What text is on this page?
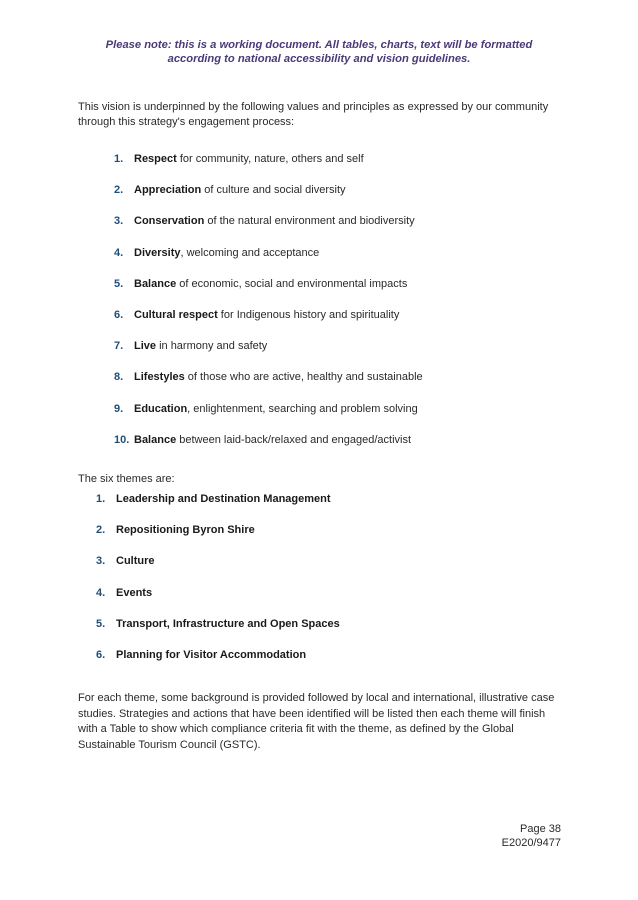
Please note: this is a working document. All tables, charts, text will be formatted
according to national accessibility and vision guidelines.

This vision is underpinned by the following values and principles as expressed by our community through this strategy's engagement process:

1. Respect for community, nature, others and self
2. Appreciation of culture and social diversity
3. Conservation of the natural environment and biodiversity
4. Diversity, welcoming and acceptance
5. Balance of economic, social and environmental impacts
6. Cultural respect for Indigenous history and spirituality
7. Live in harmony and safety
8. Lifestyles of those who are active, healthy and sustainable
9. Education, enlightenment, searching and problem solving
10. Balance between laid-back/relaxed and engaged/activist

The six themes are:

1. Leadership and Destination Management
2. Repositioning Byron Shire
3. Culture
4. Events
5. Transport, Infrastructure and Open Spaces
6. Planning for Visitor Accommodation

For each theme, some background is provided followed by local and international, illustrative case studies. Strategies and actions that have been identified will be listed then each theme will finish with a Table to show which compliance criteria fit with the theme, as defined by the Global Sustainable Tourism Council (GSTC).

Page 38
E2020/9477
